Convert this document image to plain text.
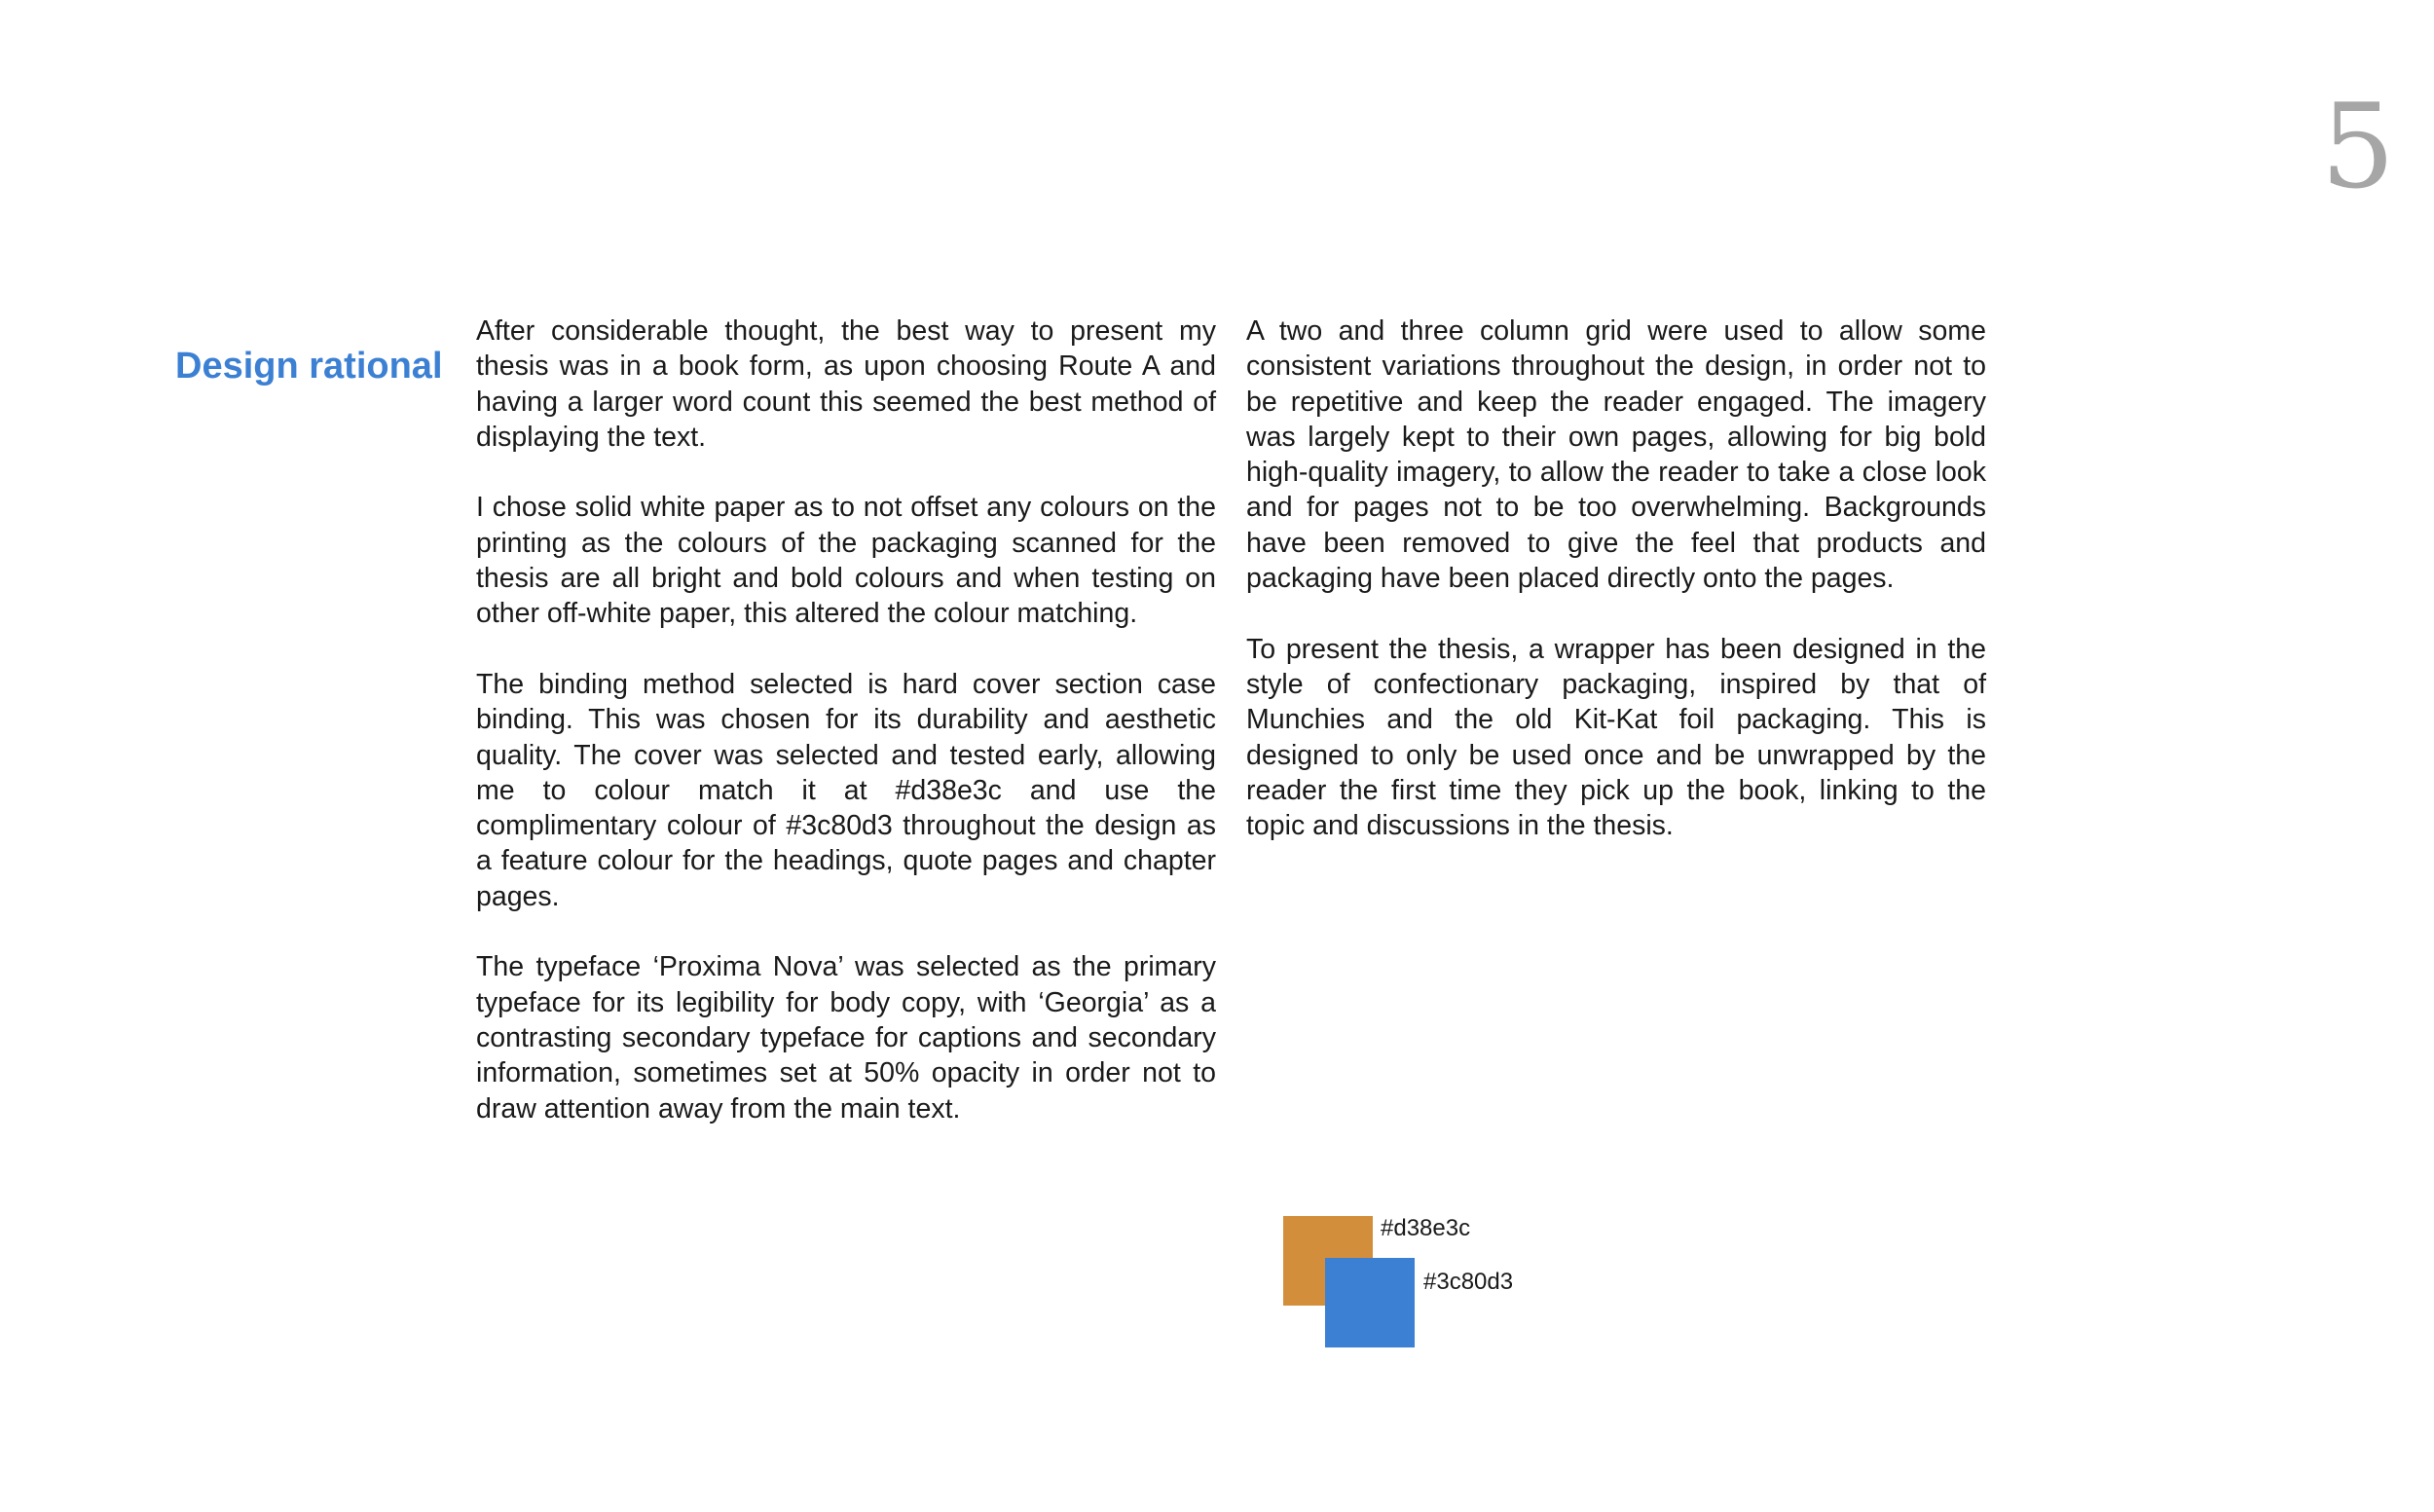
5
Design rational

After considerable thought, the best way to present my thesis was in a book form, as upon choosing Route A and having a larger word count this seemed the best method of displaying the text.

I chose solid white paper as to not offset any colours on the printing as the colours of the packaging scanned for the thesis are all bright and bold colours and when testing on other off-white paper, this altered the colour matching.

The binding method selected is hard cover section case binding. This was chosen for its durability and aesthetic quality. The cover was selected and tested early, allowing me to colour match it at #d38e3c and use the complimentary colour of #3c80d3 throughout the design as a feature colour for the headings, quote pages and chapter pages.

The typeface ‘Proxima Nova’ was selected as the primary typeface for its legibility for body copy, with ‘Georgia’ as a contrasting secondary typeface for captions and secondary information, sometimes set at 50% opacity in order not to draw attention away from the main text.

A two and three column grid were used to allow some consistent variations throughout the design, in order not to be repetitive and keep the reader engaged. The imagery was largely kept to their own pages, allowing for big bold high-quality imagery, to allow the reader to take a close look and for pages not to be too overwhelming. Backgrounds have been removed to give the feel that products and packaging have been placed directly onto the pages.

To present the thesis, a wrapper has been designed in the style of confectionary packaging, inspired by that of Munchies and the old Kit-Kat foil packaging. This is designed to only be used once and be unwrapped by the reader the first time they pick up the book, linking to the topic and discussions in the thesis.

#d38e3c
#3c80d3
